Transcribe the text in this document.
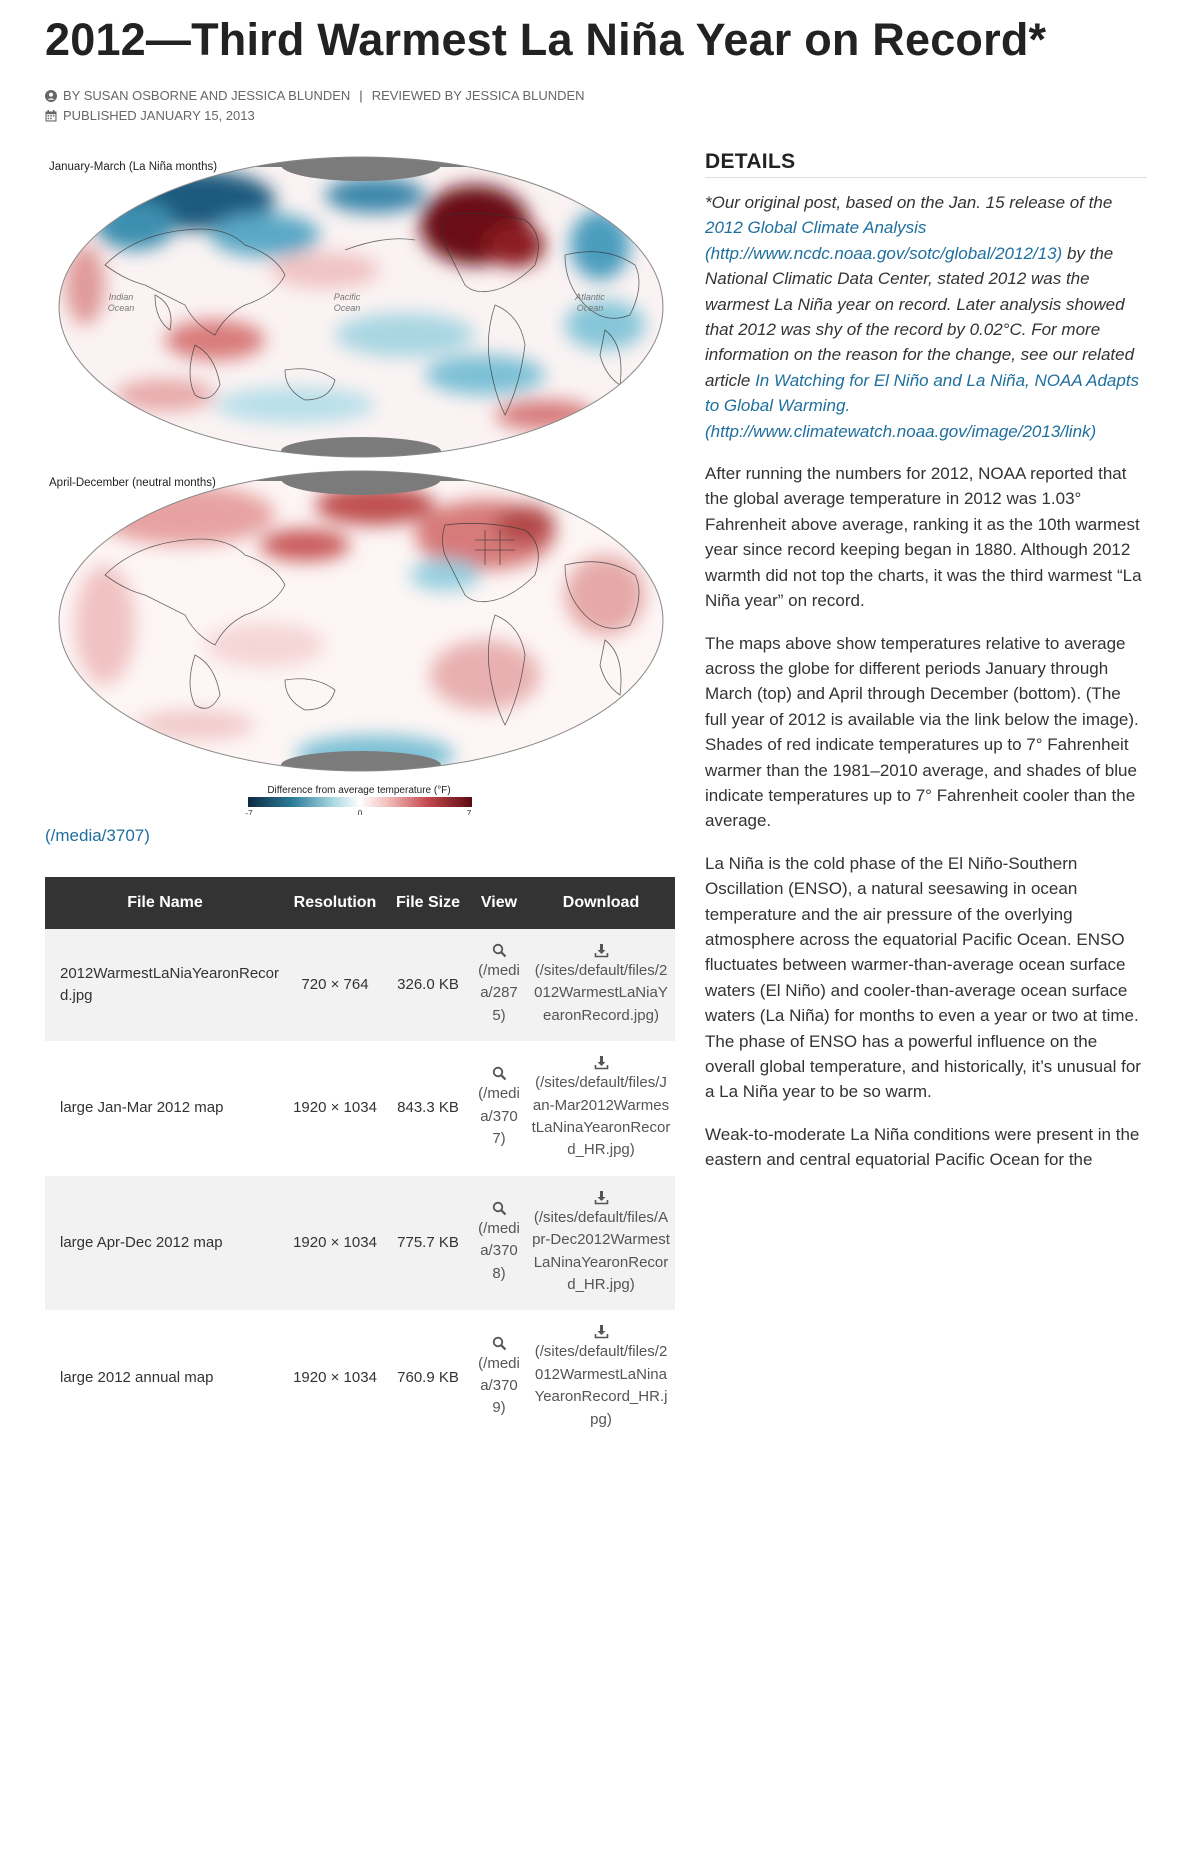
2012—Third Warmest La Niña Year on Record*
BY SUSAN OSBORNE AND JESSICA BLUNDEN | REVIEWED BY JESSICA BLUNDEN
PUBLISHED JANUARY 15, 2013
January-March (La Niña months)
Indian
Ocean
Pacific
Ocean
Atlantic
Ocean
April-December (neutral months)
Difference from average temperature (°F)
-7	0	7
(/media/3707)
File Name	Resolution	File Size	View	Download

2012WarmestLaNiaYearonRecord.jpg	720 × 764	326.0 KB	(/media/2875)	(/sites/default/files/2012WarmestLaNiaYearonRecord.jpg)

large Jan-Mar 2012 map	1920 × 1034	843.3 KB	(/media/3707)	(/sites/default/files/Jan-Mar2012WarmestLaNinaYearonRecord_HR.jpg)

large Apr-Dec 2012 map	1920 × 1034	775.7 KB	(/media/3708)	(/sites/default/files/Apr-Dec2012WarmestLaNinaYearonRecord_HR.jpg)

large 2012 annual map	1920 × 1034	760.9 KB	(/media/3709)	(/sites/default/files/2012WarmestLaNinaYearonRecord_HR.jpg)
DETAILS

*Our original post, based on the Jan. 15 release of the 2012 Global Climate Analysis (http://www.ncdc.noaa.gov/sotc/global/2012/13) by the National Climatic Data Center, stated 2012 was the warmest La Niña year on record. Later analysis showed that 2012 was shy of the record by 0.02°C. For more information on the reason for the change, see our related article In Watching for El Niño and La Niña, NOAA Adapts to Global Warming. (http://www.climatewatch.noaa.gov/image/2013/link)

After running the numbers for 2012, NOAA reported that the global average temperature in 2012 was 1.03° Fahrenheit above average, ranking it as the 10th warmest year since record keeping began in 1880. Although 2012 warmth did not top the charts, it was the third warmest “La Niña year” on record.

The maps above show temperatures relative to average across the globe for different periods January through March (top) and April through December (bottom). (The full year of 2012 is available via the link below the image). Shades of red indicate temperatures up to 7° Fahrenheit warmer than the 1981–2010 average, and shades of blue indicate temperatures up to 7° Fahrenheit cooler than the average.

La Niña is the cold phase of the El Niño-Southern Oscillation (ENSO), a natural seesawing in ocean temperature and the air pressure of the overlying atmosphere across the equatorial Pacific Ocean. ENSO fluctuates between warmer-than-average ocean surface waters (El Niño) and cooler-than-average ocean surface waters (La Niña) for months to even a year or two at time. The phase of ENSO has a powerful influence on the overall global temperature, and historically, it’s unusual for a La Niña year to be so warm.

Weak-to-moderate La Niña conditions were present in the eastern and central equatorial Pacific Ocean for the
